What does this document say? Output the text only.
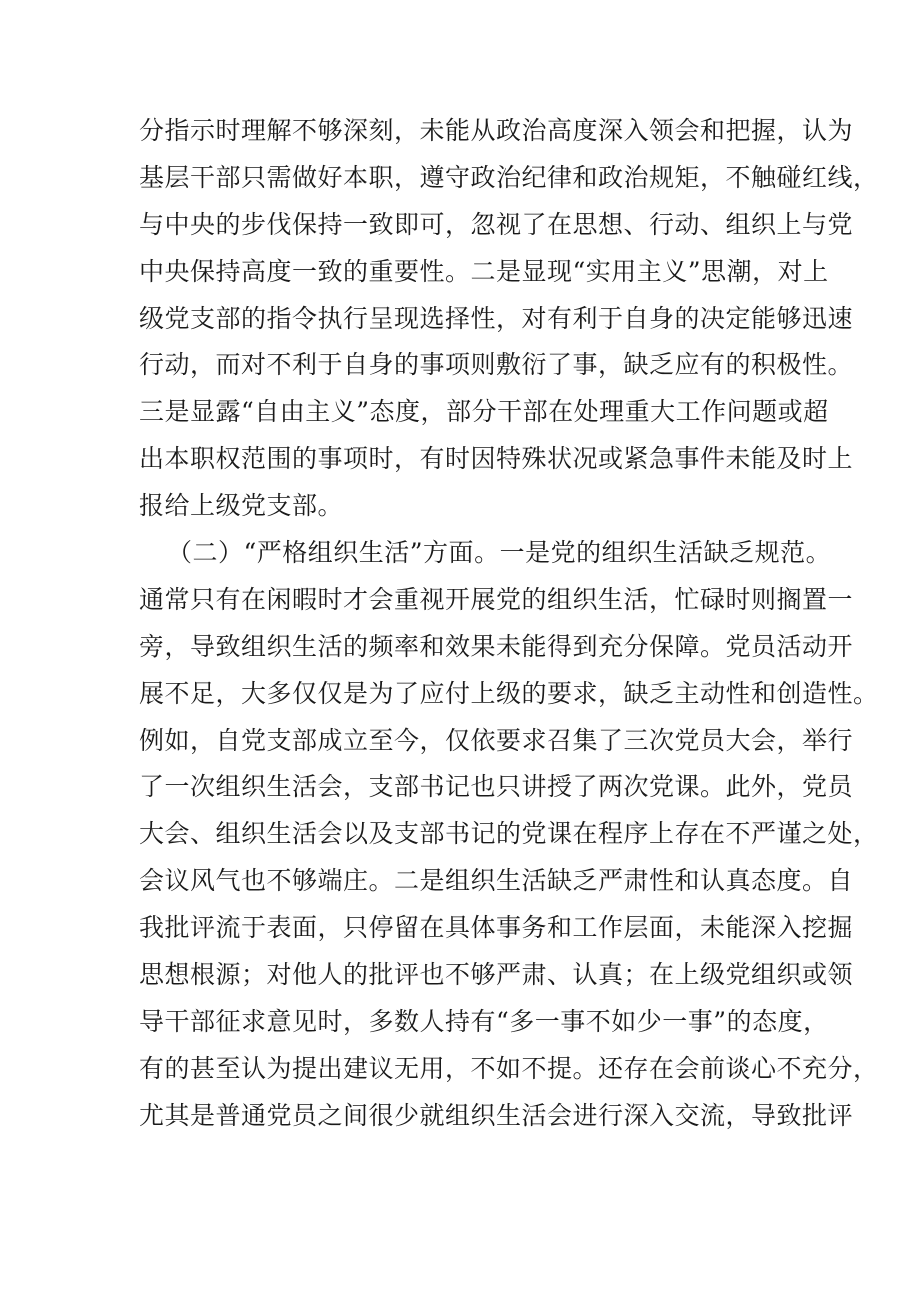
分指示时理解不够深刻，未能从政治高度深入领会和把握，认为
基层干部只需做好本职，遵守政治纪律和政治规矩，不触碰红线，
与中央的步伐保持一致即可，忽视了在思想、行动、组织上与党
中央保持高度一致的重要性。二是显现“实用主义”思潮，对上
级党支部的指令执行呈现选择性，对有利于自身的决定能够迅速
行动，而对不利于自身的事项则敷衍了事，缺乏应有的积极性。
三是显露“自由主义”态度，部分干部在处理重大工作问题或超
出本职权范围的事项时，有时因特殊状况或紧急事件未能及时上
报给上级党支部。
（二）“严格组织生活”方面。一是党的组织生活缺乏规范。
通常只有在闲暇时才会重视开展党的组织生活，忙碌时则搁置一
旁，导致组织生活的频率和效果未能得到充分保障。党员活动开
展不足，大多仅仅是为了应付上级的要求，缺乏主动性和创造性。
例如，自党支部成立至今，仅依要求召集了三次党员大会，举行
了一次组织生活会，支部书记也只讲授了两次党课。此外，党员
大会、组织生活会以及支部书记的党课在程序上存在不严谨之处，
会议风气也不够端庄。二是组织生活缺乏严肃性和认真态度。自
我批评流于表面，只停留在具体事务和工作层面，未能深入挖掘
思想根源；对他人的批评也不够严肃、认真；在上级党组织或领
导干部征求意见时，多数人持有“多一事不如少一事”的态度，
有的甚至认为提出建议无用，不如不提。还存在会前谈心不充分，
尤其是普通党员之间很少就组织生活会进行深入交流，导致批评
